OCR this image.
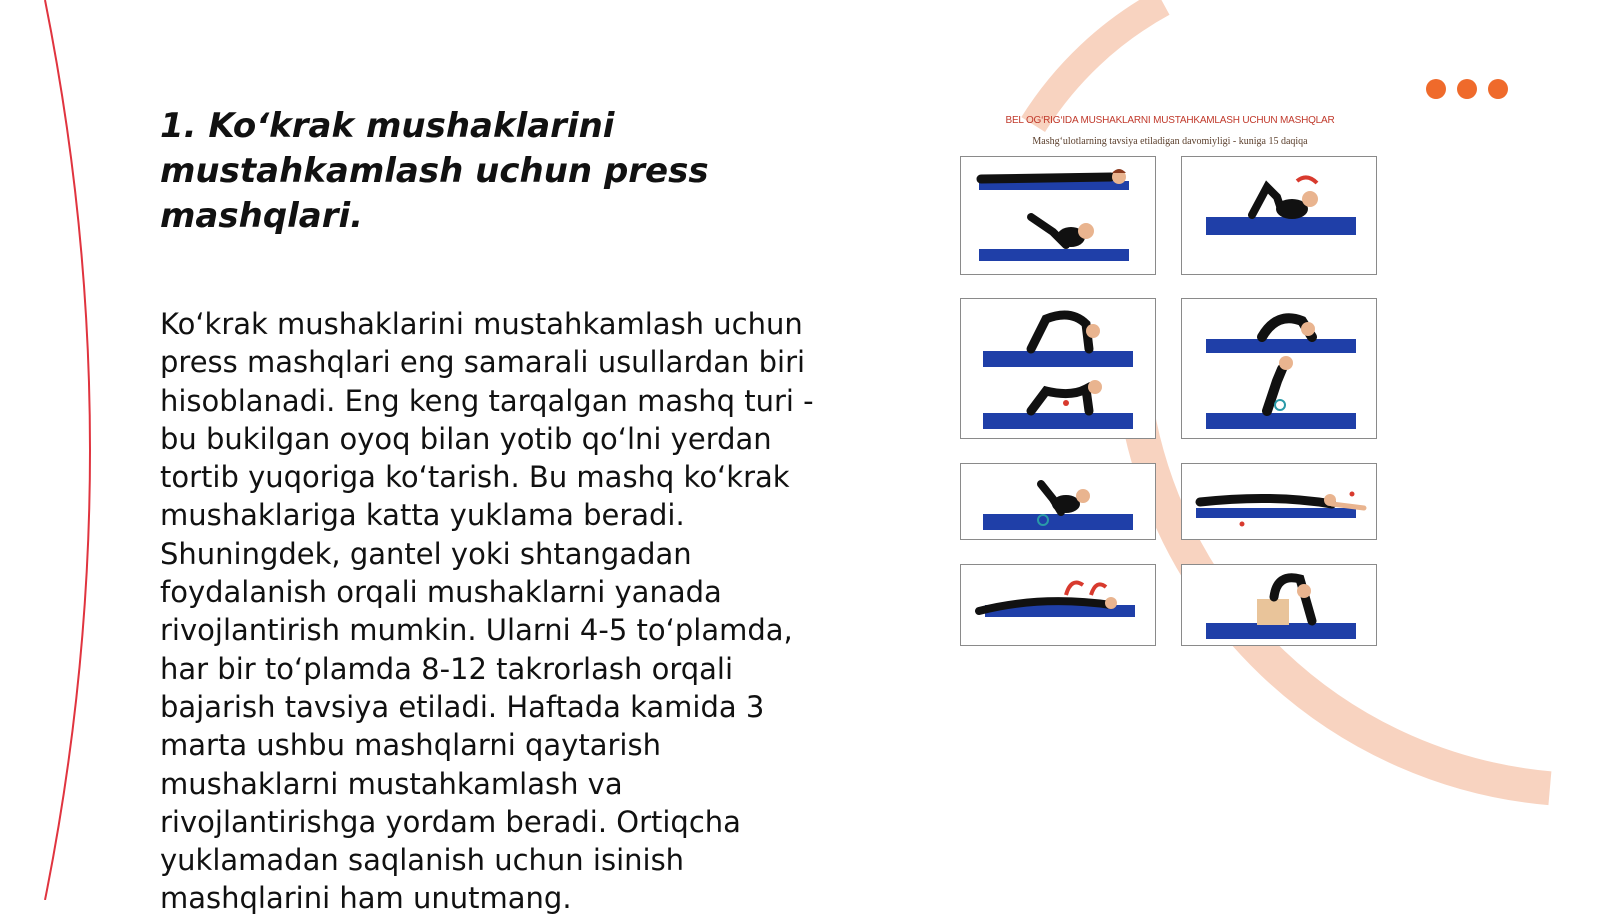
1. Ko‘krak mushaklarini mustahkamlash uchun press mashqlari.

Ko‘krak mushaklarini mustahkamlash uchun
press mashqlari eng samarali usullardan biri
hisoblanadi. Eng keng tarqalgan mashq turi -
bu bukilgan oyoq bilan yotib qo‘lni yerdan
tortib yuqoriga ko‘tarish. Bu mashq ko‘krak
mushaklariga katta yuklama beradi.
Shuningdek, gantel yoki shtangadan
foydalanish orqali mushaklarni yanada
rivojlantirish mumkin. Ularni 4-5 to‘plamda,
har bir to‘plamda 8-12 takrorlash orqali
bajarish tavsiya etiladi. Haftada kamida 3
marta ushbu mashqlarni qaytarish
mushaklarni mustahkamlash va
rivojlantirishga yordam beradi. Ortiqcha
yuklamadan saqlanish uchun isinish
mashqlarini ham unutmang.

BEL OG‘RIG‘IDA MUSHAKLARNI MUSTAHKAMLASH UCHUN MASHQLAR

Mashg‘ulotlarning tavsiya etiladigan davomiyligi - kuniga 15 daqiqa
